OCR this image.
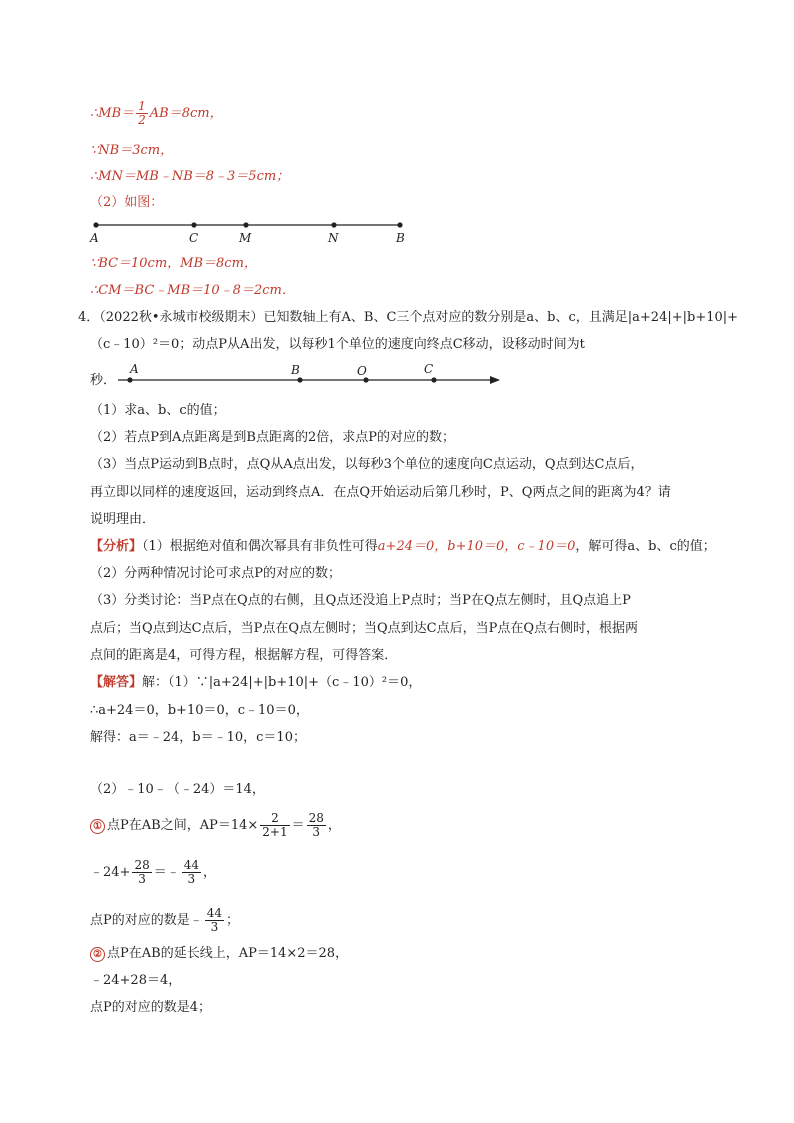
∴MB＝ $\frac{1}{2} AB=8cm$，
∵NB＝3cm，
∴MN＝MB﹣NB＝8﹣3＝5cm；
（2）如图：
A	C	M	N	B
∵BC＝10cm，MB＝8cm，
∴CM＝BC﹣MB＝10﹣8＝2cm．
4．（2022秋•永城市校级期末）已知数轴上有A、B、C三个点对应的数分别是a、b、c，且满足|a+24|+|b+10|+
（c﹣10）²＝0；动点P从A出发，以每秒1个单位的速度向终点C移动，设移动时间为t
秒．
A	B	O	C
（1）求a、b、c的值；
（2）若点P到A点距离是到B点距离的2倍，求点P的对应的数；
（3）当点P运动到B点时，点Q从A点出发，以每秒3个单位的速度向C点运动，Q点到达C点后，
再立即以同样的速度返回，运动到终点A．在点Q开始运动后第几秒时，P、Q两点之间的距离为4？请
说明理由．
【分析】（1）根据绝对值和偶次幂具有非负性可得a+24＝0，b+10＝0，c﹣10＝0，解可得a、b、c的值；
（2）分两种情况讨论可求点P的对应的数；
（3）分类讨论：当P点在Q点的右侧，且Q点还没追上P点时；当P在Q点左侧时，且Q点追上P
点后；当Q点到达C点后，当P点在Q点左侧时；当Q点到达C点后，当P点在Q点右侧时，根据两
点间的距离是4，可得方程，根据解方程，可得答案．
【解答】解：（1）∵|a+24|+|b+10|+（c﹣10）²＝0，
∴a+24＝0，b+10＝0，c﹣10＝0，
解得：a＝﹣24，b＝﹣10，c＝10；
（2）﹣10﹣（﹣24）＝14，
① 点P在AB之间，$AP=14\times \frac{2}{2+1} = \frac{28}{3}$ ，
﹣24+ $\frac{28}{3}$ ＝﹣ $\frac{44}{3}$ ，
点P的对应的数是﹣ $\frac{44}{3}$ ；
② 点P在AB的延长线上，AP＝14×2＝28，
﹣24+28＝4，
点P的对应的数是4；
